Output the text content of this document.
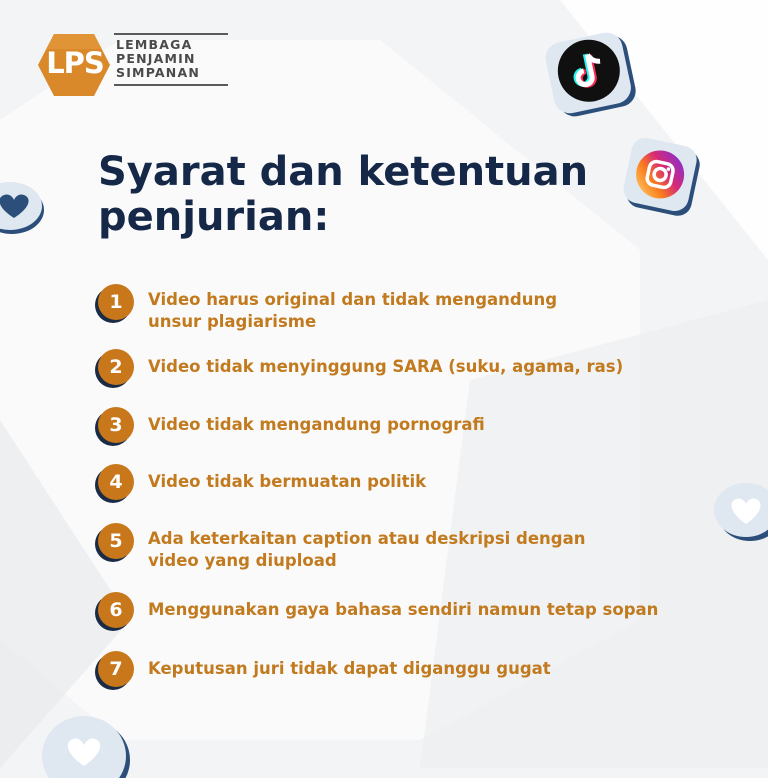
LPS
LEMBAGA
PENJAMIN
SIMPANAN
Syarat dan ketentuan
penjurian:
1	Video harus original dan tidak mengandung
unsur plagiarisme
2	Video tidak menyinggung SARA (suku, agama, ras)
3	Video tidak mengandung pornografi
4	Video tidak bermuatan politik
5	Ada keterkaitan caption atau deskripsi dengan
video yang diupload
6	Menggunakan gaya bahasa sendiri namun tetap sopan
7	Keputusan juri tidak dapat diganggu gugat
